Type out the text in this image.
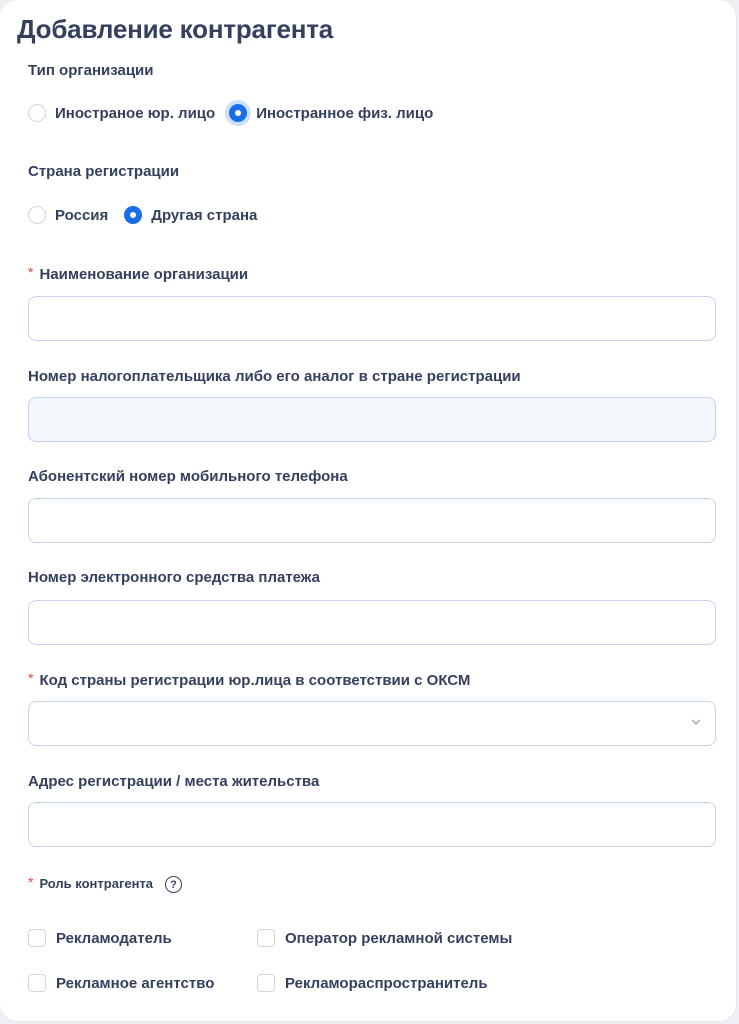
Добавление контрагента
Тип организации
Иностраное юр. лицо	Иностранное физ. лицо
Страна регистрации
Россия	Другая страна
* Наименование организации
Номер налогоплательщика либо его аналог в стране регистрации
Абонентский номер мобильного телефона
Номер электронного средства платежа
* Код страны регистрации юр.лица в соответствии с ОКСМ
Адрес регистрации / места жительства
* Роль контрагента	?
Рекламодатель	Оператор рекламной системы
Рекламное агентство	Рекламораспространитель
